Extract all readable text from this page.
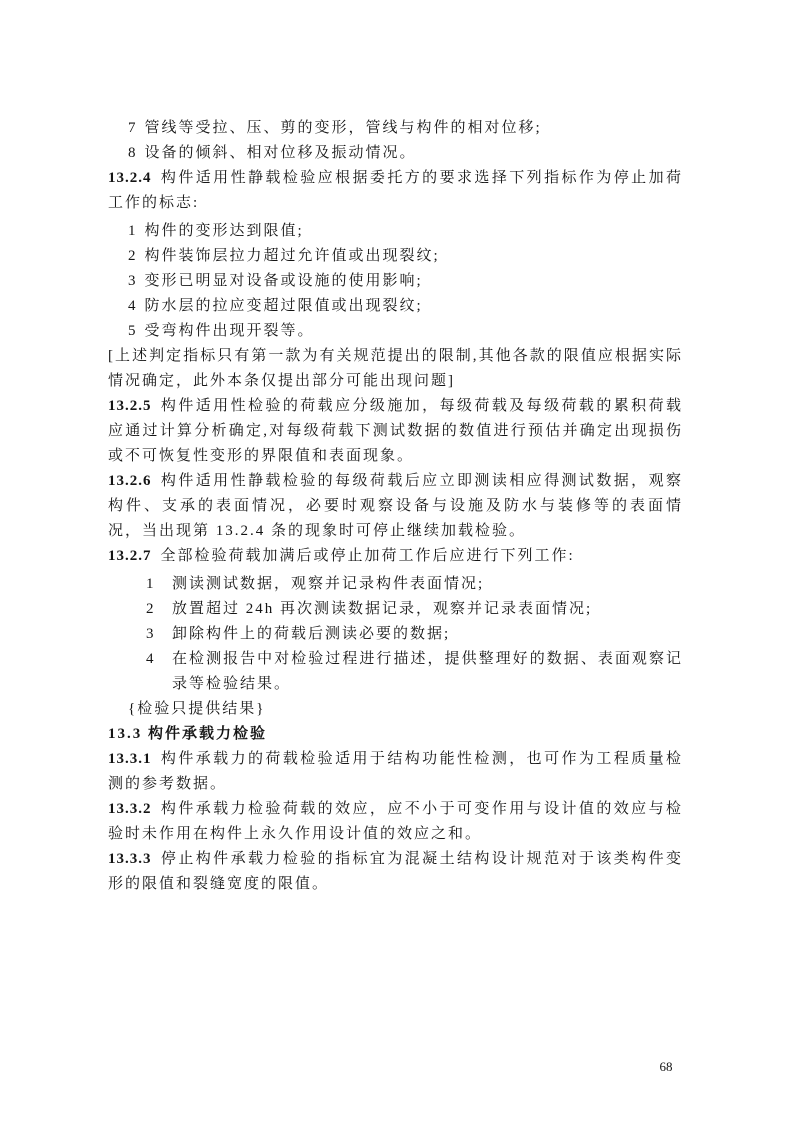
7 管线等受拉、压、剪的变形，管线与构件的相对位移;

8 设备的倾斜、相对位移及振动情况。

13.2.4 构件适用性静载检验应根据委托方的要求选择下列指标作为停止加荷工作的标志:

1 构件的变形达到限值;

2 构件装饰层拉力超过允许值或出现裂纹;

3 变形已明显对设备或设施的使用影响;

4 防水层的拉应变超过限值或出现裂纹;

5 受弯构件出现开裂等。

[上述判定指标只有第一款为有关规范提出的限制,其他各款的限值应根据实际情况确定，此外本条仅提出部分可能出现问题]

13.2.5 构件适用性检验的荷载应分级施加，每级荷载及每级荷载的累积荷载应通过计算分析确定,对每级荷载下测试数据的数值进行预估并确定出现损伤或不可恢复性变形的界限值和表面现象。

13.2.6 构件适用性静载检验的每级荷载后应立即测读相应得测试数据，观察构件、支承的表面情况，必要时观察设备与设施及防水与装修等的表面情况，当出现第 13.2.4 条的现象时可停止继续加载检验。

13.2.7 全部检验荷载加满后或停止加荷工作后应进行下列工作:

1	测读测试数据，观察并记录构件表面情况;

2	放置超过 24h 再次测读数据记录，观察并记录表面情况;

3	卸除构件上的荷载后测读必要的数据;

4	在检测报告中对检验过程进行描述，提供整理好的数据、表面观察记录等检验结果。

{检验只提供结果}

13.3 构件承载力检验

13.3.1 构件承载力的荷载检验适用于结构功能性检测，也可作为工程质量检测的参考数据。

13.3.2 构件承载力检验荷载的效应，应不小于可变作用与设计值的效应与检验时未作用在构件上永久作用设计值的效应之和。

13.3.3 停止构件承载力检验的指标宜为混凝土结构设计规范对于该类构件变形的限值和裂缝宽度的限值。

68
